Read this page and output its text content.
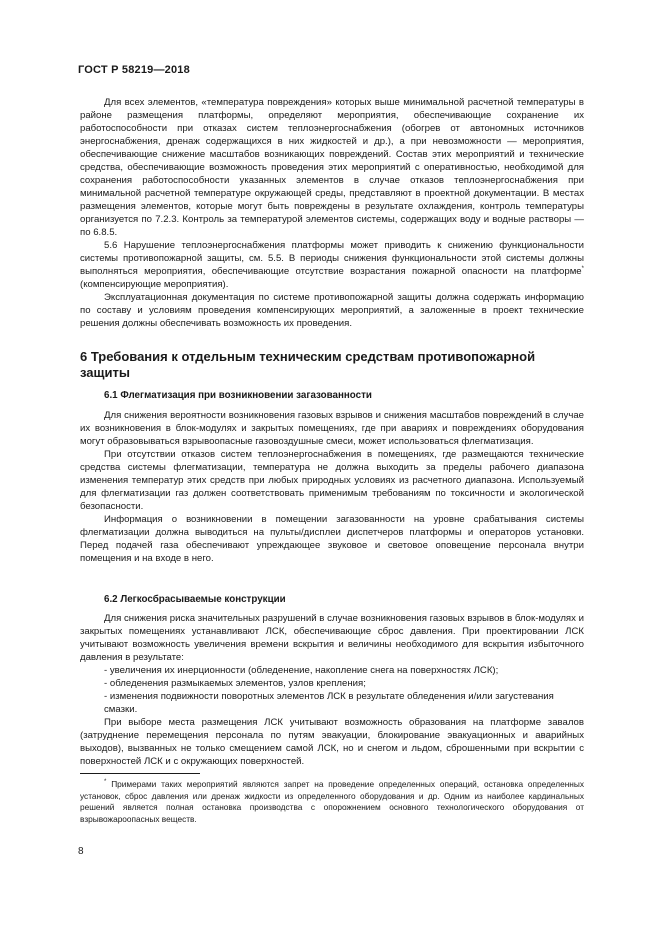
ГОСТ Р 58219—2018

Для всех элементов, «температура повреждения» которых выше минимальной расчетной температуры в районе размещения платформы, определяют мероприятия, обеспечивающие сохранение их работоспособности при отказах систем теплоэнергоснабжения (обогрев от автономных источников энергоснабжения, дренаж содержащихся в них жидкостей и др.), а при невозможности — мероприятия, обеспечивающие снижение масштабов возникающих повреждений. Состав этих мероприятий и технические средства, обеспечивающие возможность проведения этих мероприятий с оперативностью, необходимой для сохранения работоспособности указанных элементов в случае отказов теплоэнергоснабжения при минимальной расчетной температуре окружающей среды, представляют в проектной документации. В местах размещения элементов, которые могут быть повреждены в результате охлаждения, контроль температуры организуется по 7.2.3. Контроль за температурой элементов системы, содержащих воду и водные растворы — по 6.8.5.

5.6 Нарушение теплоэнергоснабжения платформы может приводить к снижению функциональности системы противопожарной защиты, см. 5.5. В периоды снижения функциональности этой системы должны выполняться мероприятия, обеспечивающие отсутствие возрастания пожарной опасности на платформе* (компенсирующие мероприятия).

Эксплуатационная документация по системе противопожарной защиты должна содержать информацию по составу и условиям проведения компенсирующих мероприятий, а заложенные в проект технические решения должны обеспечивать возможность их проведения.

6 Требования к отдельным техническим средствам противопожарной защиты
6.1 Флегматизация при возникновении загазованности

Для снижения вероятности возникновения газовых взрывов и снижения масштабов повреждений в случае их возникновения в блок-модулях и закрытых помещениях, где при авариях и повреждениях оборудования могут образовываться взрывоопасные газовоздушные смеси, может использоваться флегматизация.

При отсутствии отказов систем теплоэнергоснабжения в помещениях, где размещаются технические средства системы флегматизации, температура не должна выходить за пределы рабочего диапазона изменения температур этих средств при любых природных условиях из расчетного диапазона. Используемый для флегматизации газ должен соответствовать применимым требованиям по токсичности и экологической безопасности.

Информация о возникновении в помещении загазованности на уровне срабатывания системы флегматизации должна выводиться на пульты/дисплеи диспетчеров платформы и операторов установки. Перед подачей газа обеспечивают упреждающее звуковое и световое оповещение персонала внутри помещения и на входе в него.

6.2 Легкосбрасываемые конструкции

Для снижения риска значительных разрушений в случае возникновения газовых взрывов в блок-модулях и закрытых помещениях устанавливают ЛСК, обеспечивающие сброс давления. При проектировании ЛСК учитывают возможность увеличения времени вскрытия и величины необходимого для вскрытия избыточного давления в результате:

- увеличения их инерционности (обледенение, накопление снега на поверхностях ЛСК);
- обледенения размыкаемых элементов, узлов крепления;
- изменения подвижности поворотных элементов ЛСК в результате обледенения и/или загустевания смазки.

При выборе места размещения ЛСК учитывают возможность образования на платформе завалов (затруднение перемещения персонала по путям эвакуации, блокирование эвакуационных и аварийных выходов), вызванных не только смещением самой ЛСК, но и снегом и льдом, сброшенными при вскрытии с поверхностей ЛСК и с окружающих поверхностей.

* Примерами таких мероприятий являются запрет на проведение определенных операций, остановка определенных установок, сброс давления или дренаж жидкости из определенного оборудования и др. Одним из наиболее кардинальных решений является полная остановка производства с опорожнением основного технологического оборудования от взрывожароопасных веществ.
8
